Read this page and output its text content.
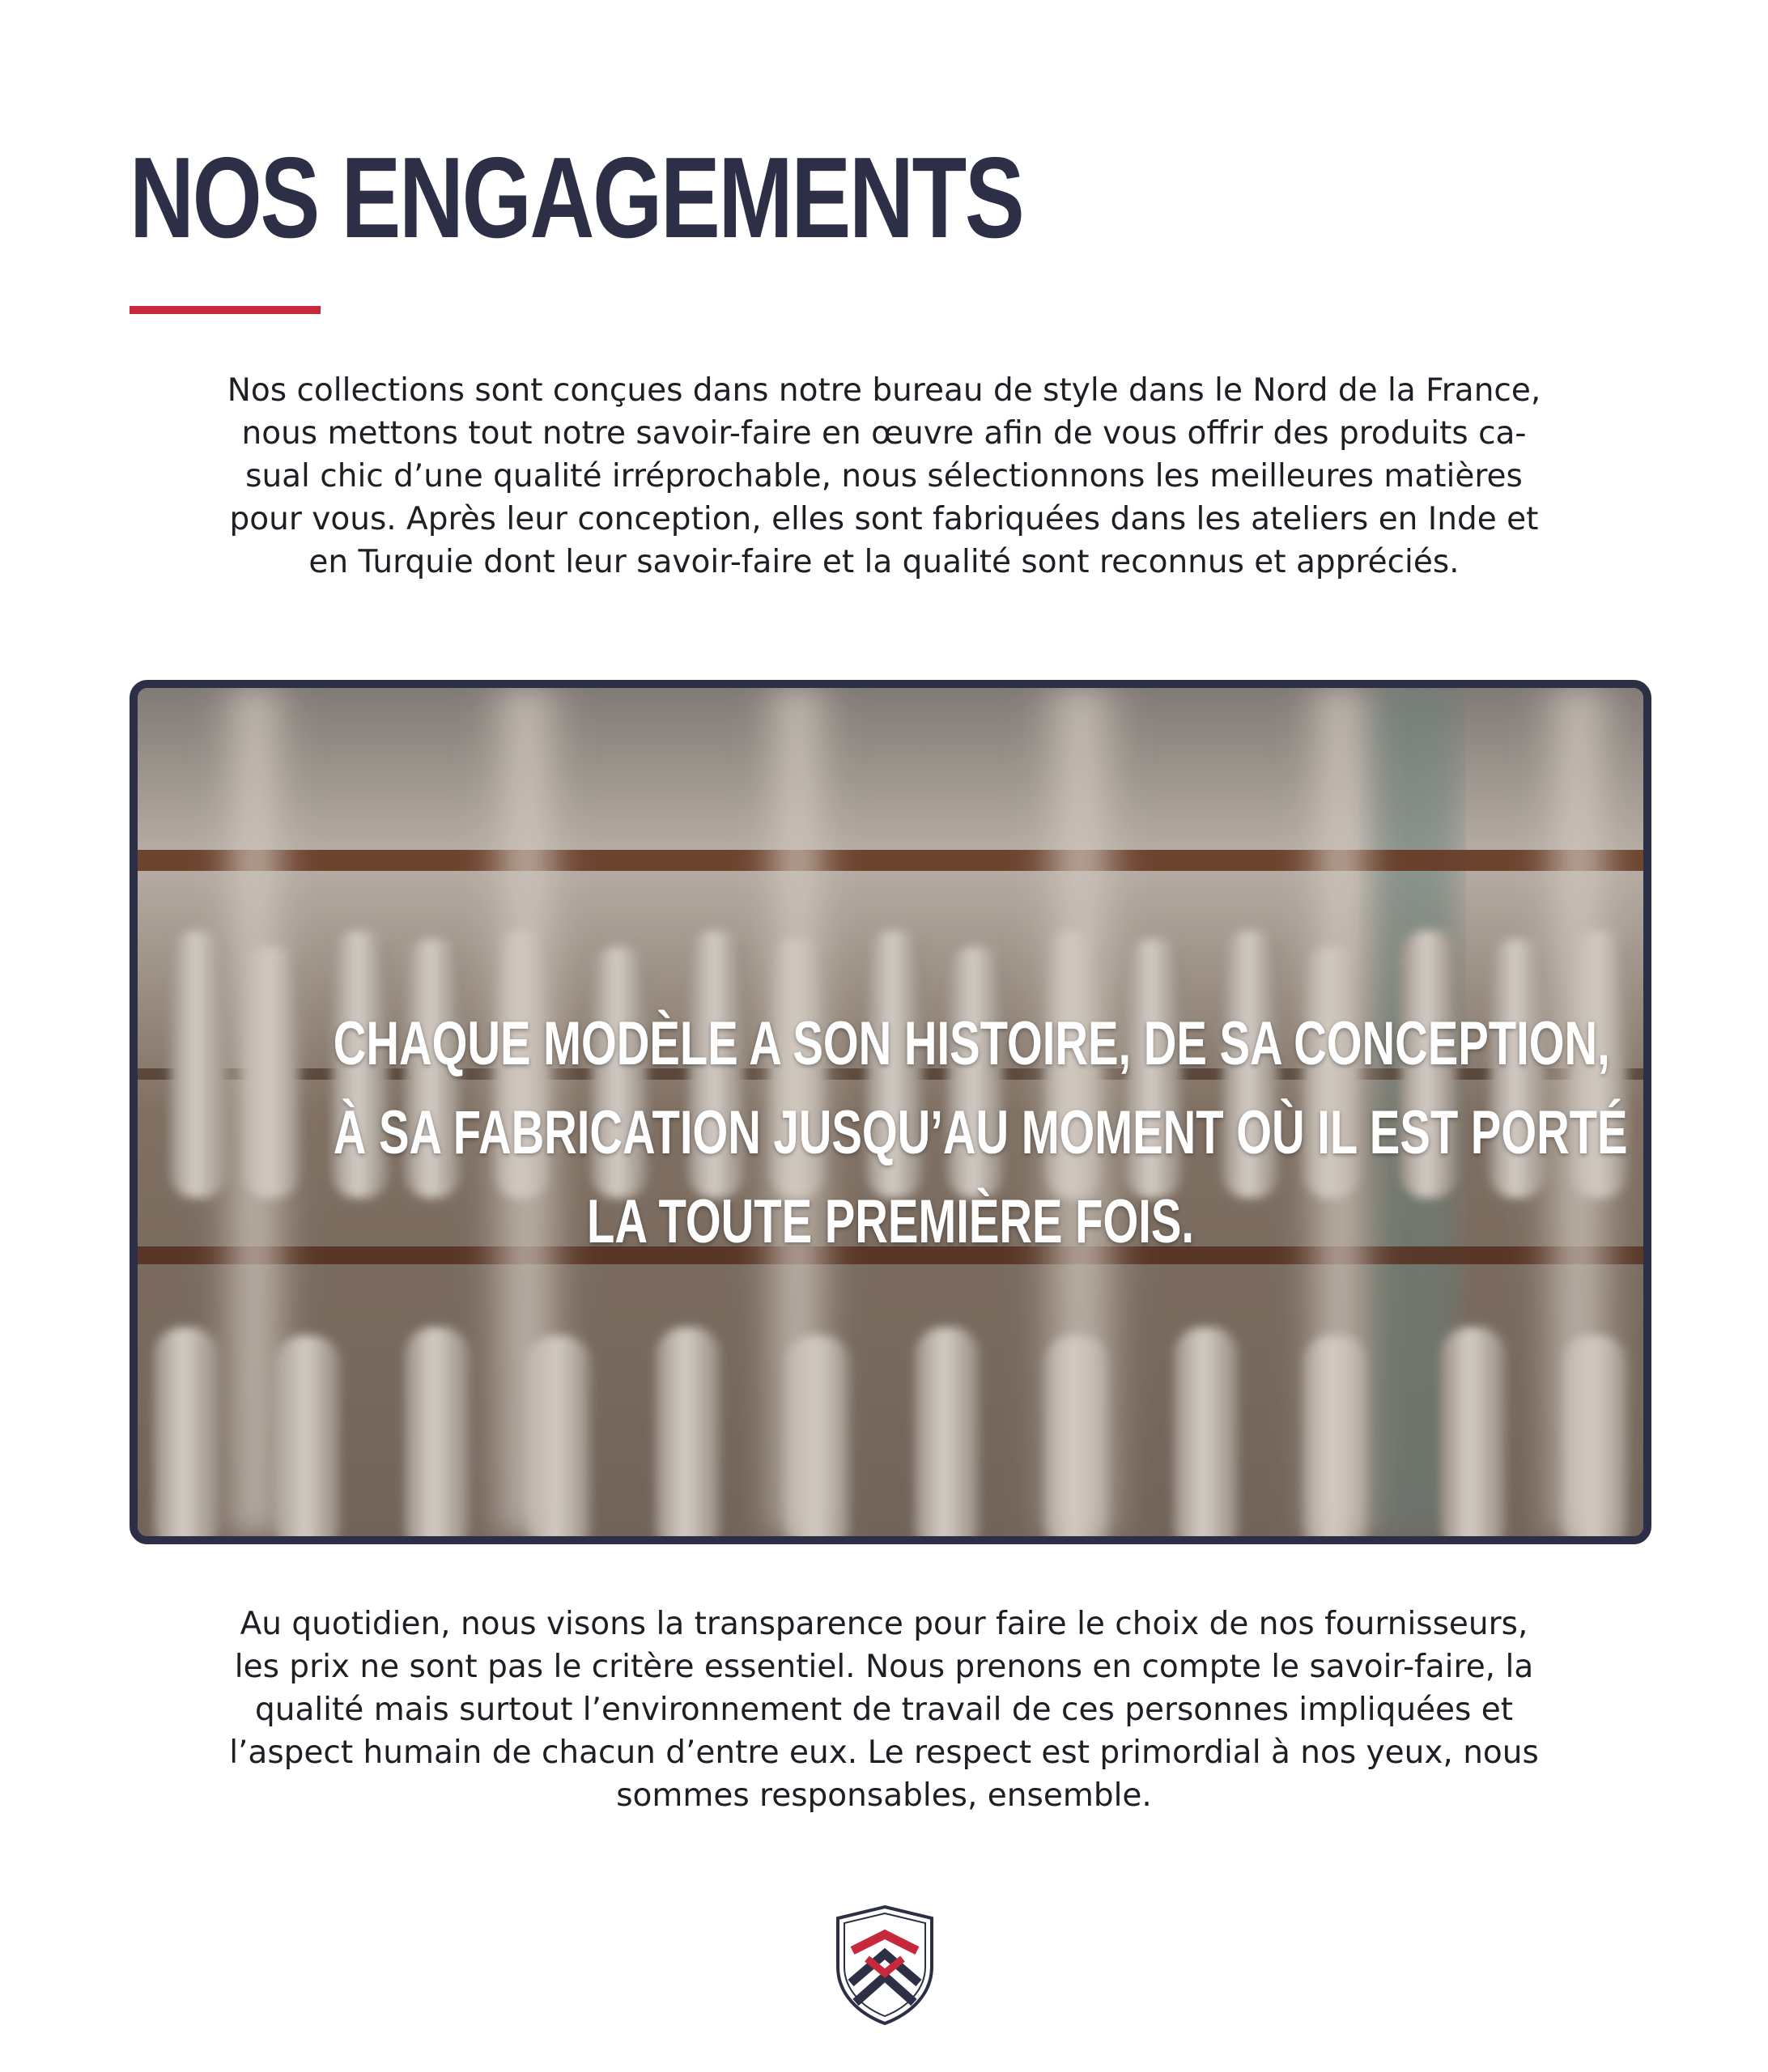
NOS ENGAGEMENTS

Nos collections sont conçues dans notre bureau de style dans le Nord de la France,
nous mettons tout notre savoir-faire en œuvre afin de vous offrir des produits ca-
sual chic d’une qualité irréprochable, nous sélectionnons les meilleures matières
pour vous. Après leur conception, elles sont fabriquées dans les ateliers en Inde et
en Turquie dont leur savoir-faire et la qualité sont reconnus et appréciés.

CHAQUE MODÈLE A SON HISTOIRE, DE SA CONCEPTION,
À SA FABRICATION JUSQU’AU MOMENT OÙ IL EST PORTÉ
LA TOUTE PREMIÈRE FOIS.

Au quotidien, nous visons la transparence pour faire le choix de nos fournisseurs,
les prix ne sont pas le critère essentiel. Nous prenons en compte le savoir-faire, la
qualité mais surtout l’environnement de travail de ces personnes impliquées et
l’aspect humain de chacun d’entre eux. Le respect est primordial à nos yeux, nous
sommes responsables, ensemble.
